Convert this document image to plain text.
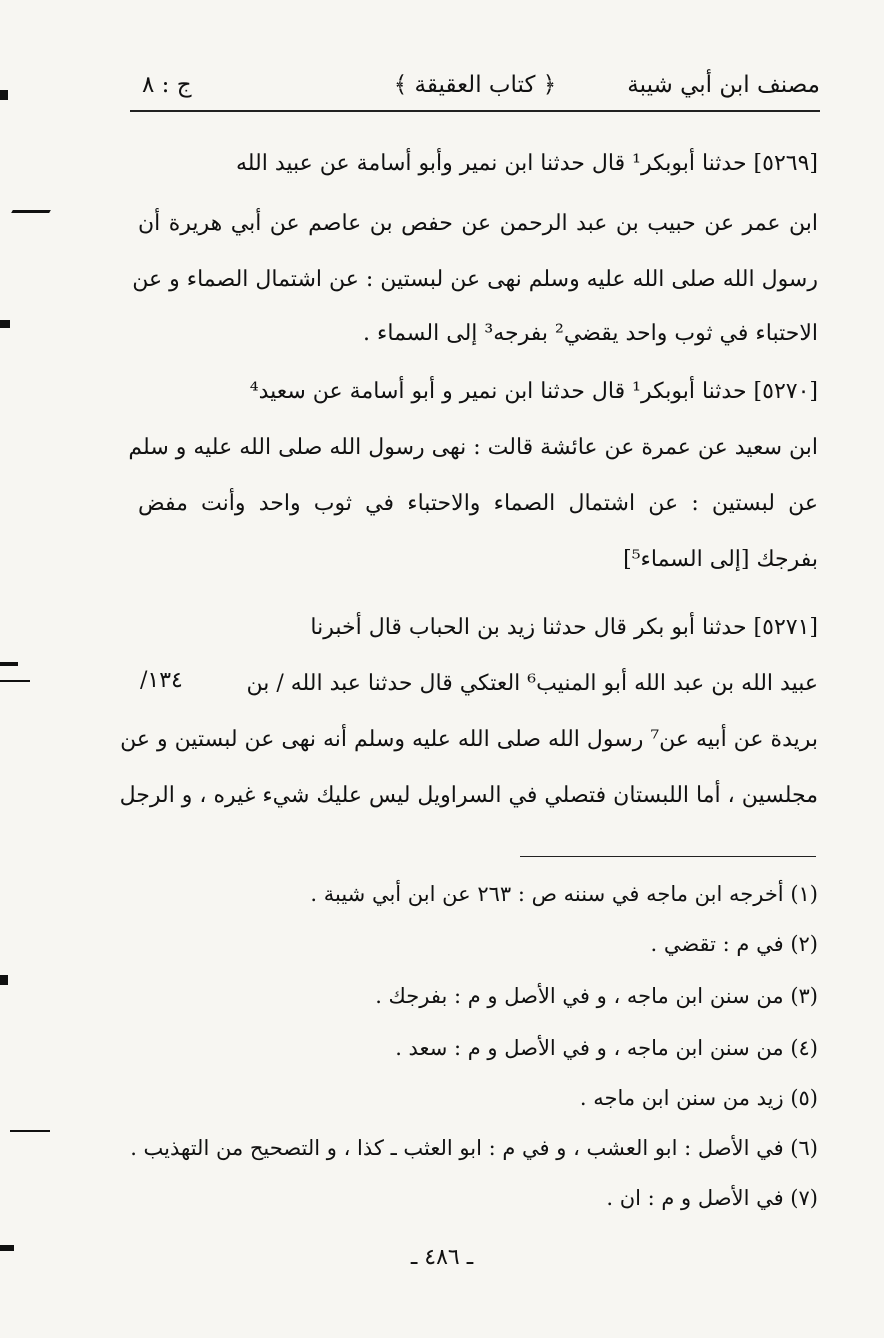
مصنف ابن أبي شيبة
﴿ كتاب العقيقة ﴾
ج : ٨
[٥٢٦٩] حدثنا أبوبكر¹ قال حدثنا ابن نمير وأبو أسامة عن عبيد الله
ابن عمر عن حبيب بن عبد الرحمن عن حفص بن عاصم عن أبي هريرة أن
رسول الله صلى الله عليه وسلم نهى عن لبستين : عن اشتمال الصماء و عن
الاحتباء في ثوب واحد يقضي² بفرجه³ إلى السماء .
[٥٢٧٠] حدثنا أبوبكر¹ قال حدثنا ابن نمير و أبو أسامة عن سعيد⁴
ابن سعيد عن عمرة عن عائشة قالت : نهى رسول الله صلى الله عليه و سلم
عن لبستين : عن اشتمال الصماء والاحتباء في ثوب واحد وأنت مفض
بفرجك [إلى السماء⁵]
[٥٢٧١] حدثنا أبو بكر قال حدثنا زيد بن الحباب قال أخبرنا
عبيد الله بن عبد الله أبو المنيب⁶ العتكي قال حدثنا عبد الله / بن
بريدة عن أبيه عن⁷ رسول الله صلى الله عليه وسلم أنه نهى عن لبستين و عن
مجلسين ، أما اللبستان فتصلي في السراويل ليس عليك شيء غيره ، و الرجل
١٣٤/
(١) أخرجه ابن ماجه في سننه ص : ٢٦٣ عن ابن أبي شيبة .
(٢) في م : تقضي .
(٣) من سنن ابن ماجه ، و في الأصل و م : بفرجك .
(٤) من سنن ابن ماجه ، و في الأصل و م : سعد .
(٥) زيد من سنن ابن ماجه .
(٦) في الأصل : ابو العشب ، و في م : ابو العثب ـ كذا ، و التصحيح من التهذيب .
(٧) في الأصل و م : ان .
ـ ٤٨٦ ـ
